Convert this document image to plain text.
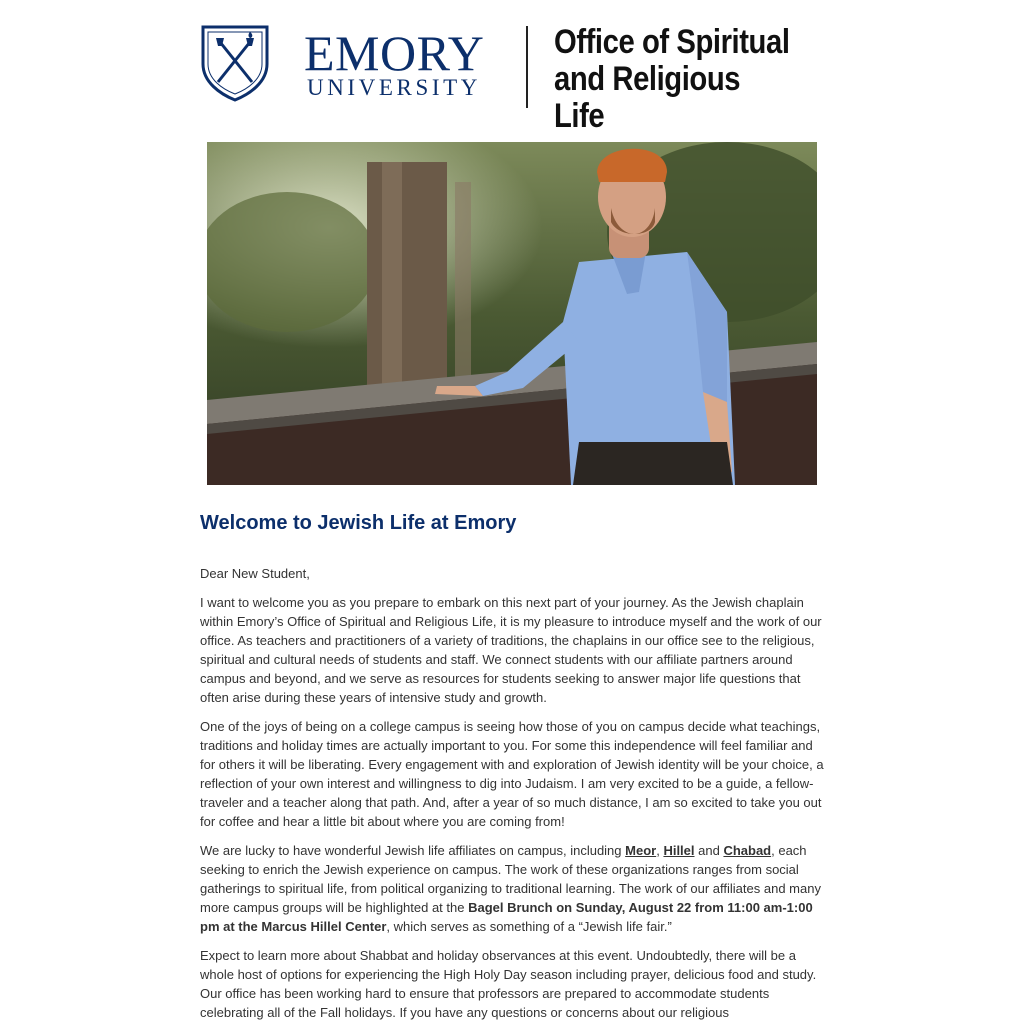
EMORY
UNIVERSITY
Office of Spiritual
and Religious Life
Welcome to Jewish Life at Emory

Dear New Student,

I want to welcome you as you prepare to embark on this next part of your journey. As the Jewish chaplain within Emory’s Office of Spiritual and Religious Life, it is my pleasure to introduce myself and the work of our office. As teachers and practitioners of a variety of traditions, the chaplains in our office see to the religious, spiritual and cultural needs of students and staff. We connect students with our affiliate partners around campus and beyond, and we serve as resources for students seeking to answer major life questions that often arise during these years of intensive study and growth.

One of the joys of being on a college campus is seeing how those of you on campus decide what teachings, traditions and holiday times are actually important to you. For some this independence will feel familiar and for others it will be liberating. Every engagement with and exploration of Jewish identity will be your choice, a reflection of your own interest and willingness to dig into Judaism. I am very excited to be a guide, a fellow-traveler and a teacher along that path. And, after a year of so much distance, I am so excited to take you out for coffee and hear a little bit about where you are coming from!

We are lucky to have wonderful Jewish life affiliates on campus, including Meor, Hillel and Chabad, each seeking to enrich the Jewish experience on campus. The work of these organizations ranges from social gatherings to spiritual life, from political organizing to traditional learning. The work of our affiliates and many more campus groups will be highlighted at the Bagel Brunch on Sunday, August 22 from 11:00 am-1:00 pm at the Marcus Hillel Center, which serves as something of a “Jewish life fair.”

Expect to learn more about Shabbat and holiday observances at this event. Undoubtedly, there will be a whole host of options for experiencing the High Holy Day season including prayer, delicious food and study. Our office has been working hard to ensure that professors are prepared to accommodate students celebrating all of the Fall holidays. If you have any questions or concerns about our religious
